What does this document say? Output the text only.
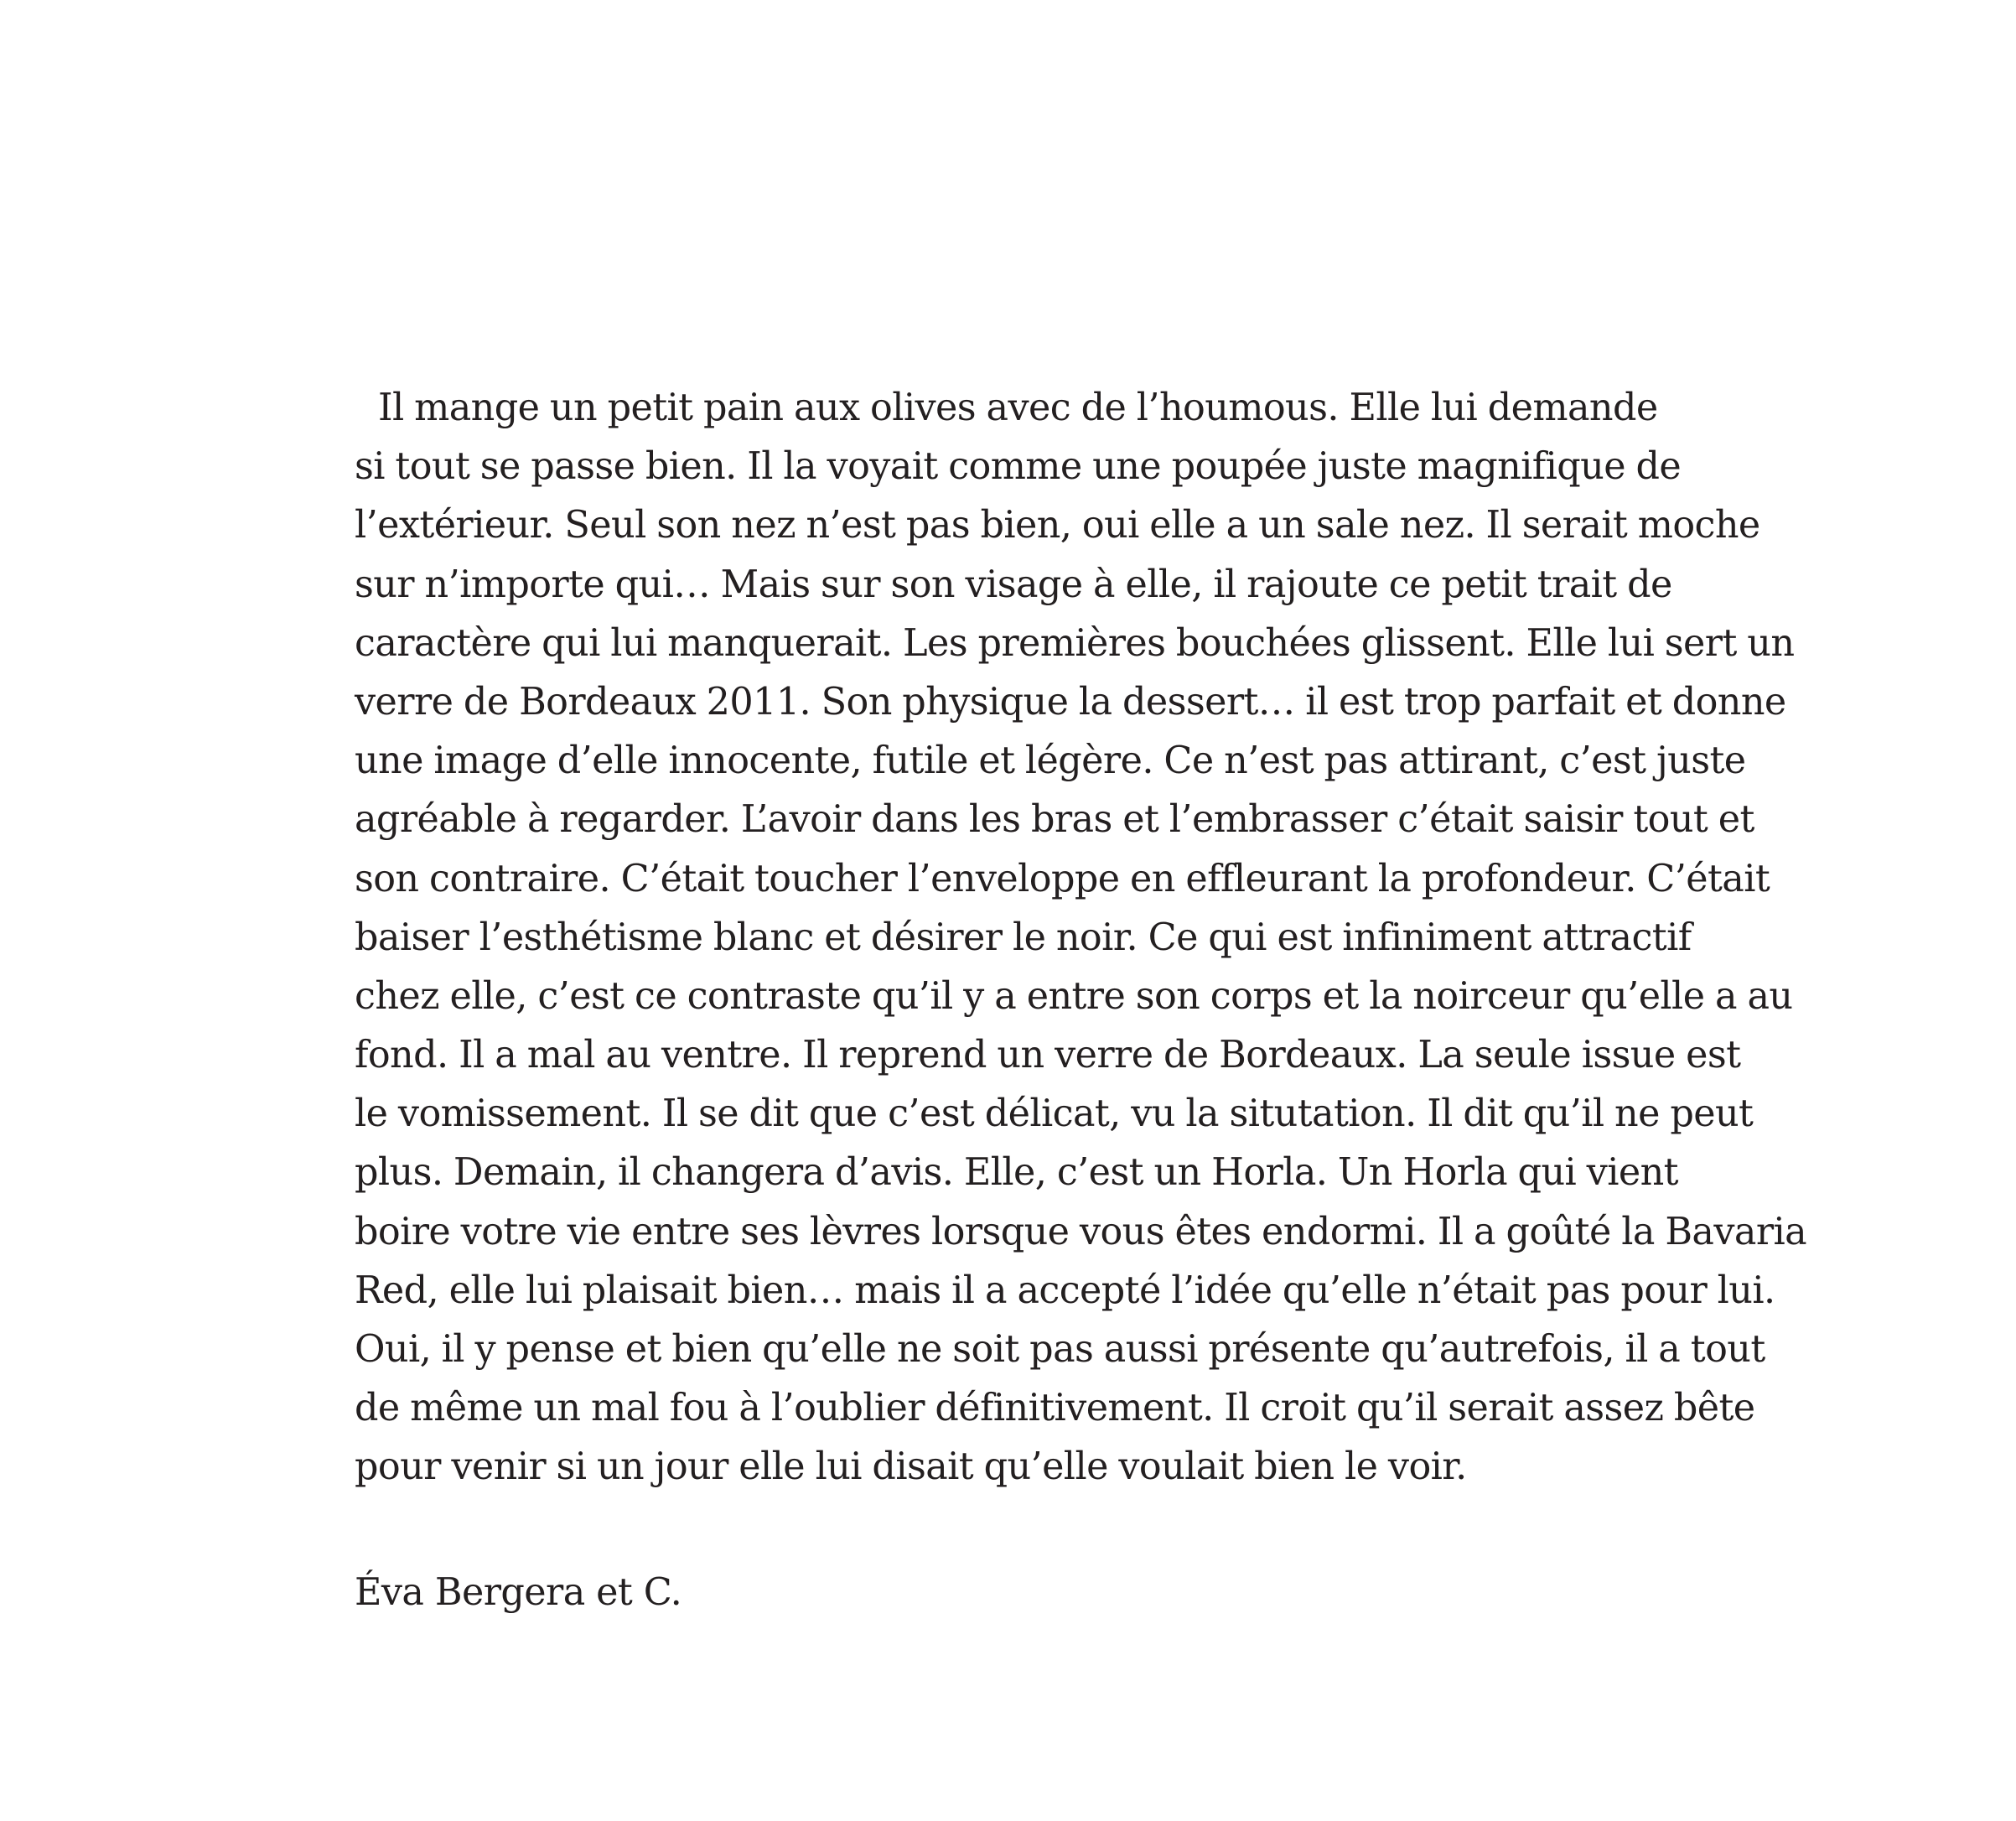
Il mange un petit pain aux olives avec de l’houmous. Elle lui demande
si tout se passe bien. Il la voyait comme une poupée juste magnifique de
l’extérieur. Seul son nez n’est pas bien, oui elle a un sale nez. Il serait moche
sur n’importe qui… Mais sur son visage à elle, il rajoute ce petit trait de
caractère qui lui manquerait. Les premières bouchées glissent. Elle lui sert un
verre de Bordeaux 2011. Son physique la dessert… il est trop parfait et donne
une image d’elle innocente, futile et légère. Ce n’est pas attirant, c’est juste
agréable à regarder. L’avoir dans les bras et l’embrasser c’était saisir tout et
son contraire. C’était toucher l’enveloppe en effleurant la profondeur. C’était
baiser l’esthétisme blanc et désirer le noir. Ce qui est infiniment attractif
chez elle, c’est ce contraste qu’il y a entre son corps et la noirceur qu’elle a au
fond. Il a mal au ventre. Il reprend un verre de Bordeaux. La seule issue est
le vomissement. Il se dit que c’est délicat, vu la situtation. Il dit qu’il ne peut
plus. Demain, il changera d’avis. Elle, c’est un Horla. Un Horla qui vient
boire votre vie entre ses lèvres lorsque vous êtes endormi. Il a goûté la Bavaria
Red, elle lui plaisait bien… mais il a accepté l’idée qu’elle n’était pas pour lui.
Oui, il y pense et bien qu’elle ne soit pas aussi présente qu’autrefois, il a tout
de même un mal fou à l’oublier définitivement. Il croit qu’il serait assez bête
pour venir si un jour elle lui disait qu’elle voulait bien le voir.
Éva Bergera et C.
